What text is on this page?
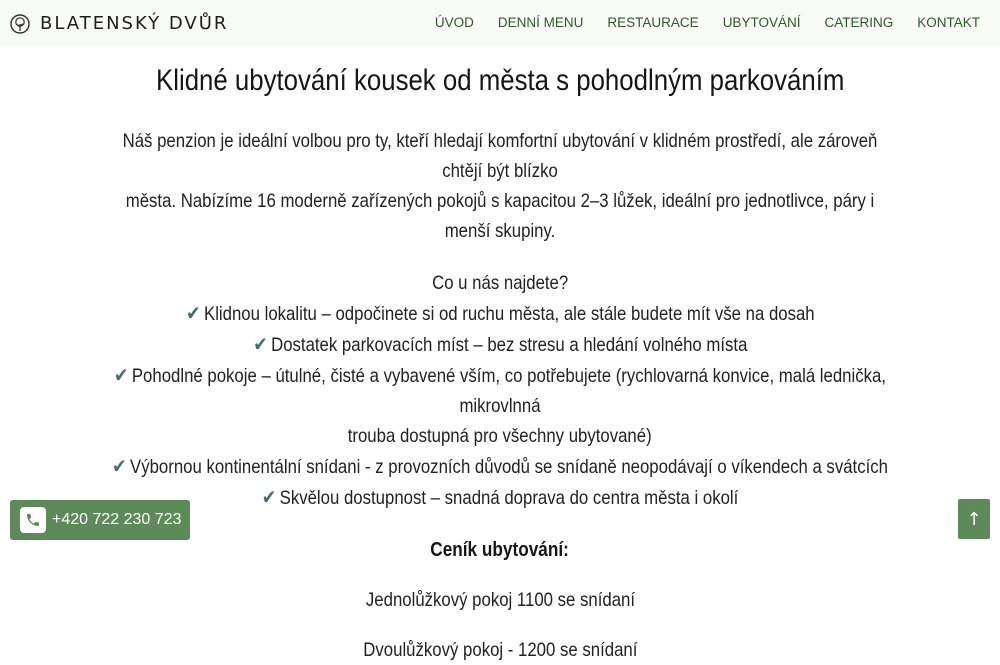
BLATENSKÝ DVŮR	ÚVOD DENNÍ MENU RESTAURACE UBYTOVÁNÍ CATERING KONTAKT
Klidné ubytování kousek od města s pohodlným parkováním
Náš penzion je ideální volbou pro ty, kteří hledají komfortní ubytování v klidném prostředí, ale zároveň chtějí být blízko
města. Nabízíme 16 moderně zařízených pokojů s kapacitou 2–3 lůžek, ideální pro jednotlivce, páry i menší skupiny.
Co u nás najdete?
✔ Klidnou lokalitu – odpočinete si od ruchu města, ale stále budete mít vše na dosah
✔ Dostatek parkovacích míst – bez stresu a hledání volného místa
✔ Pohodlné pokoje – útulné, čisté a vybavené vším, co potřebujete (rychlovarná konvice, malá lednička, mikrovlnná
trouba dostupná pro všechny ubytované)
✔ Výbornou kontinentální snídani - z provozních důvodů se snídaně neopodávají o víkendech a svátcích
✔ Skvělou dostupnost – snadná doprava do centra města i okolí
Ceník ubytování:
Jednolůžkový pokoj 1100 se snídaní
Dvoulůžkový pokoj - 1200 se snídaní
+420 722 230 723	↑
